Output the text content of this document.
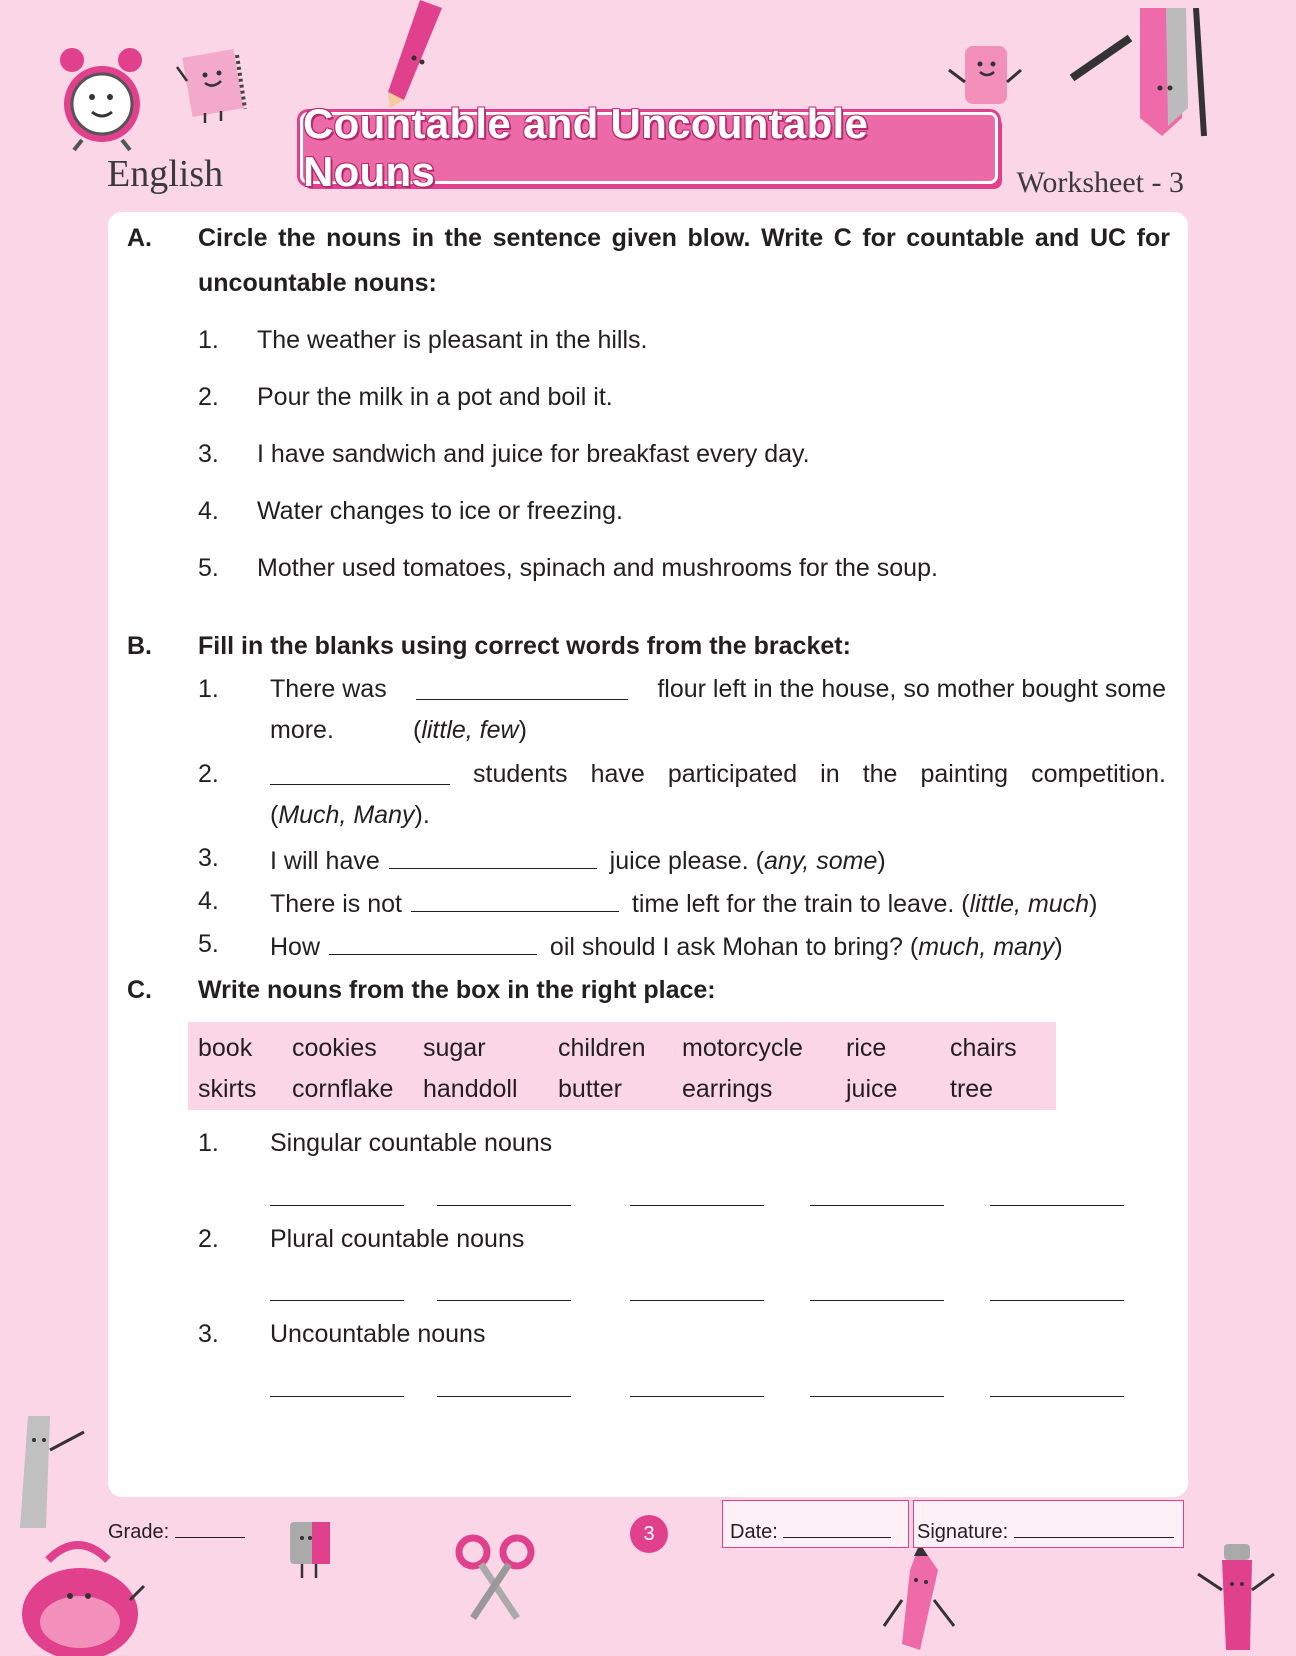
English
Countable and Uncountable Nouns	Worksheet - 3
A. Circle the nouns in the sentence given blow. Write C for countable and UC for
uncountable nouns:
1. The weather is pleasant in the hills.
2. Pour the milk in a pot and boil it.
3. I have sandwich and juice for breakfast every day.
4. Water changes to ice or freezing.
5. Mother used tomatoes, spinach and mushrooms for the soup.
B. Fill in the blanks using correct words from the bracket:
1. There was	flour left in the house, so mother bought some
more.	(little, few)
2.	students have participated in the painting competition.
(Much, Many).
3. I will have	juice please. (any, some)
4. There is not	time left for the train to leave. (little, much)
5. How	oil should I ask Mohan to bring? (much, many)
C. Write nouns from the box in the right place:
book cookies sugar	children motorcycle rice	chairs
skirts cornflake handdoll butter earrings	juice tree
1. Singular countable nouns
2. Plural countable nouns
3. Uncountable nouns
Grade:	3	Date:	Signature:
